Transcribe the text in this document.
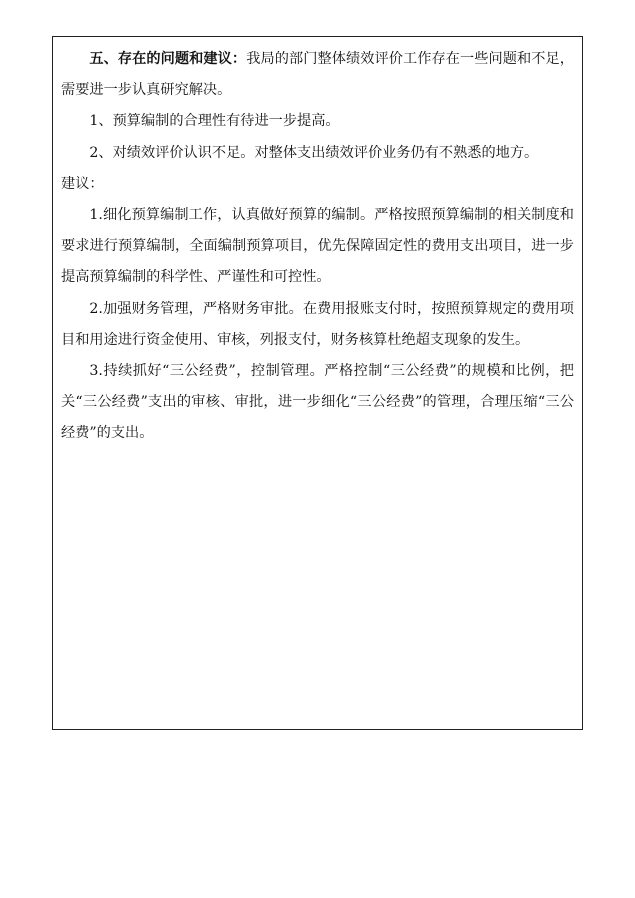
五、存在的问题和建议：我局的部门整体绩效评价工作存在一些问题和不足，需要进一步认真研究解决。

1、预算编制的合理性有待进一步提高。

2、对绩效评价认识不足。对整体支出绩效评价业务仍有不熟悉的地方。

建议：

1.细化预算编制工作，认真做好预算的编制。严格按照预算编制的相关制度和要求进行预算编制，全面编制预算项目，优先保障固定性的费用支出项目，进一步提高预算编制的科学性、严谨性和可控性。

2.加强财务管理，严格财务审批。在费用报账支付时，按照预算规定的费用项目和用途进行资金使用、审核，列报支付，财务核算杜绝超支现象的发生。

3.持续抓好“三公经费”，控制管理。严格控制“三公经费”的规模和比例，把关“三公经费”支出的审核、审批，进一步细化“三公经费”的管理，合理压缩“三公经费”的支出。
